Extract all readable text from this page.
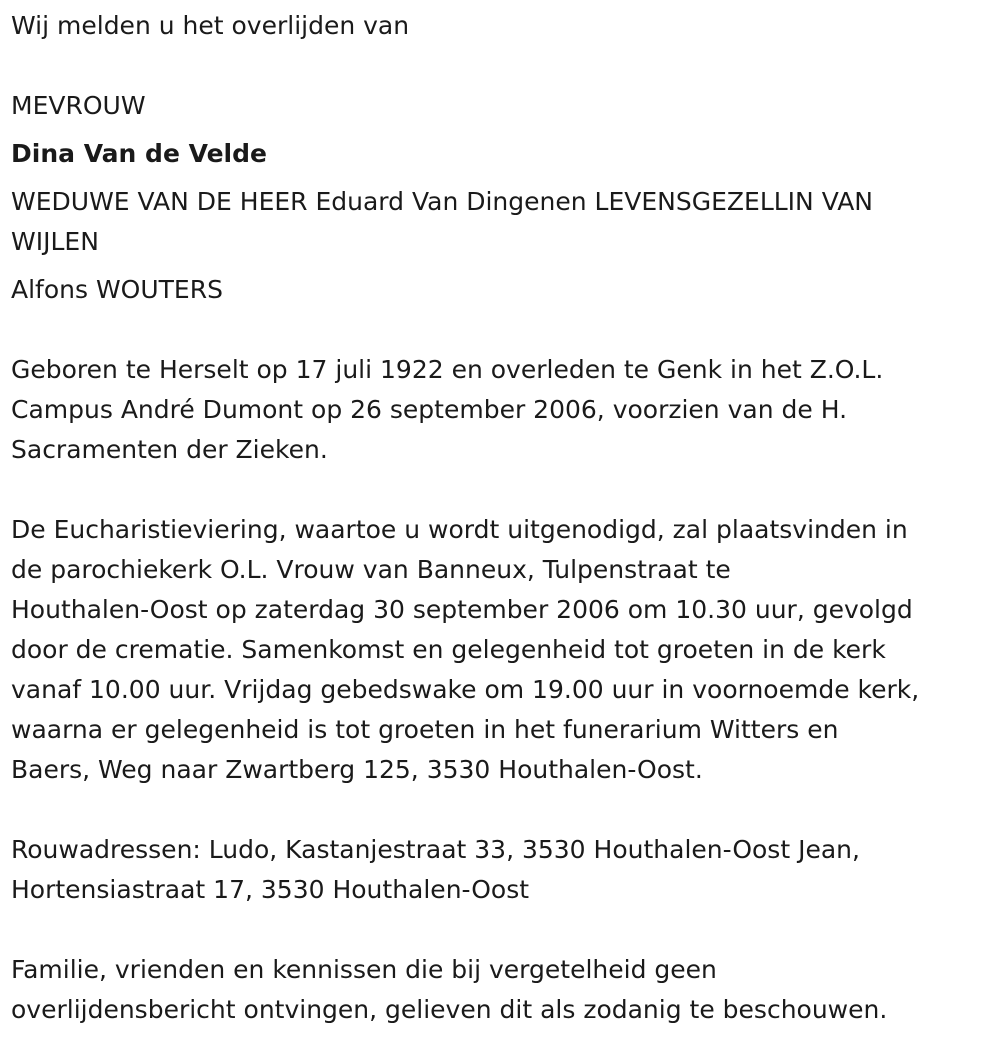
Wij melden u het overlijden van
MEVROUW
Dina Van de Velde
WEDUWE VAN DE HEER Eduard Van Dingenen LEVENSGEZELLIN VAN
WIJLEN
Alfons WOUTERS
Geboren te Herselt op 17 juli 1922 en overleden te Genk in het Z.O.L.
Campus André Dumont op 26 september 2006, voorzien van de H.
Sacramenten der Zieken.
De Eucharistieviering, waartoe u wordt uitgenodigd, zal plaatsvinden in
de parochiekerk O.L. Vrouw van Banneux, Tulpenstraat te
Houthalen-Oost op zaterdag 30 september 2006 om 10.30 uur, gevolgd
door de crematie. Samenkomst en gelegenheid tot groeten in de kerk
vanaf 10.00 uur. Vrijdag gebedswake om 19.00 uur in voornoemde kerk,
waarna er gelegenheid is tot groeten in het funerarium Witters en
Baers, Weg naar Zwartberg 125, 3530 Houthalen-Oost.
Rouwadressen: Ludo, Kastanjestraat 33, 3530 Houthalen-Oost Jean,
Hortensiastraat 17, 3530 Houthalen-Oost
Familie, vrienden en kennissen die bij vergetelheid geen
overlijdensbericht ontvingen, gelieven dit als zodanig te beschouwen.
